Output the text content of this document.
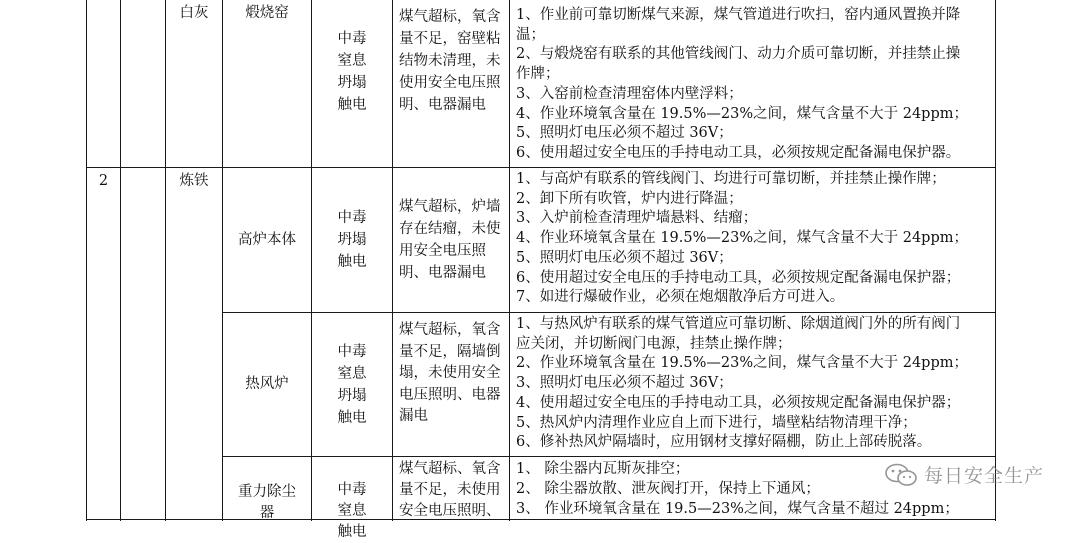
白灰	煅烧窑

中毒
窒息
坍塌
触电

煤气超标，氧含量不足，窑壁粘结物未清理，未使用安全电压照明、电器漏电
1、作业前可靠切断煤气来源，煤气管道进行吹扫，窑内通风置换并降
温；
2、与煅烧窑有联系的其他管线阀门、动力介质可靠切断，并挂禁止操
作牌；
3、入窑前检查清理窑体内壁浮料；
4、作业环境氧含量在 19.5%—23%之间，煤气含量不大于 24ppm；
5、照明灯电压必须不超过 36V；
6、使用超过安全电压的手持电动工具，必须按规定配备漏电保护器。
2	炼铁
高炉本体
中毒
坍塌
触电
煤气超标，炉墙存在结瘤，未使用安全电压照明、电器漏电
1、与高炉有联系的管线阀门、均进行可靠切断，并挂禁止操作牌；
2、卸下所有吹管，炉内进行降温；
3、入炉前检查清理炉墙悬料、结瘤；
4、作业环境氧含量在 19.5%—23%之间，煤气含量不大于 24ppm；
5、照明灯电压必须不超过 36V；
6、使用超过安全电压的手持电动工具，必须按规定配备漏电保护器；
7、如进行爆破作业，必须在炮烟散净后方可进入。
热风炉
中毒
窒息
坍塌
触电
煤气超标，氧含量不足，隔墙倒塌，未使用安全电压照明、电器漏电
1、与热风炉有联系的煤气管道应可靠切断、除烟道阀门外的所有阀门
应关闭，并切断阀门电源，挂禁止操作牌；
2、作业环境氧含量在 19.5%—23%之间，煤气含量不大于 24ppm；
3、照明灯电压必须不超过 36V；
4、使用超过安全电压的手持电动工具，必须按规定配备漏电保护器；
5、热风炉内清理作业应自上而下进行，墙壁粘结物清理干净；
6、修补热风炉隔墙时，应用钢材支撑好隔棚，防止上部砖脱落。

重力除尘
器

中毒
窒息
触电

煤气超标、氧含量不足，未使用安全电压照明、
1、 除尘器内瓦斯灰排空；
2、 除尘器放散、泄灰阀打开，保持上下通风；
3、 作业环境氧含量在 19.5—23%之间，煤气含量不超过 24ppm；
每日安全生产
